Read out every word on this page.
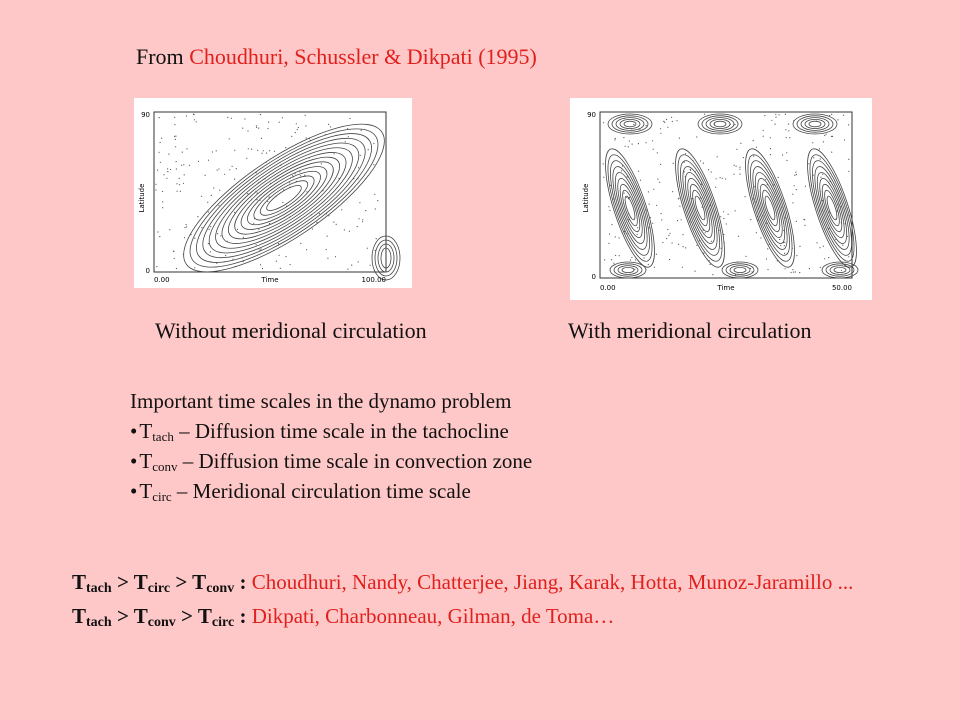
From Choudhuri, Schussler & Dikpati (1995)
90
0
Latitude
0.00	Time	100.00
90
0
Latitude
0.00	Time	50.00
Without meridional circulation	With meridional circulation
Important time scales in the dynamo problem
$•T_{tach}$ – Diffusion time scale in the tachocline
$•T_{conv}$ – Diffusion time scale in convection zone
$•T_{circ}$ – Meridional circulation time scale
$T_{tach} > T_{circ} > T_{conv}$ : Choudhuri, Nandy, Chatterjee, Jiang, Karak, Hotta, Munoz-Jaramillo ...
$T_{tach} > T_{conv} > T_{circ}$ : Dikpati, Charbonneau, Gilman, de Toma…
